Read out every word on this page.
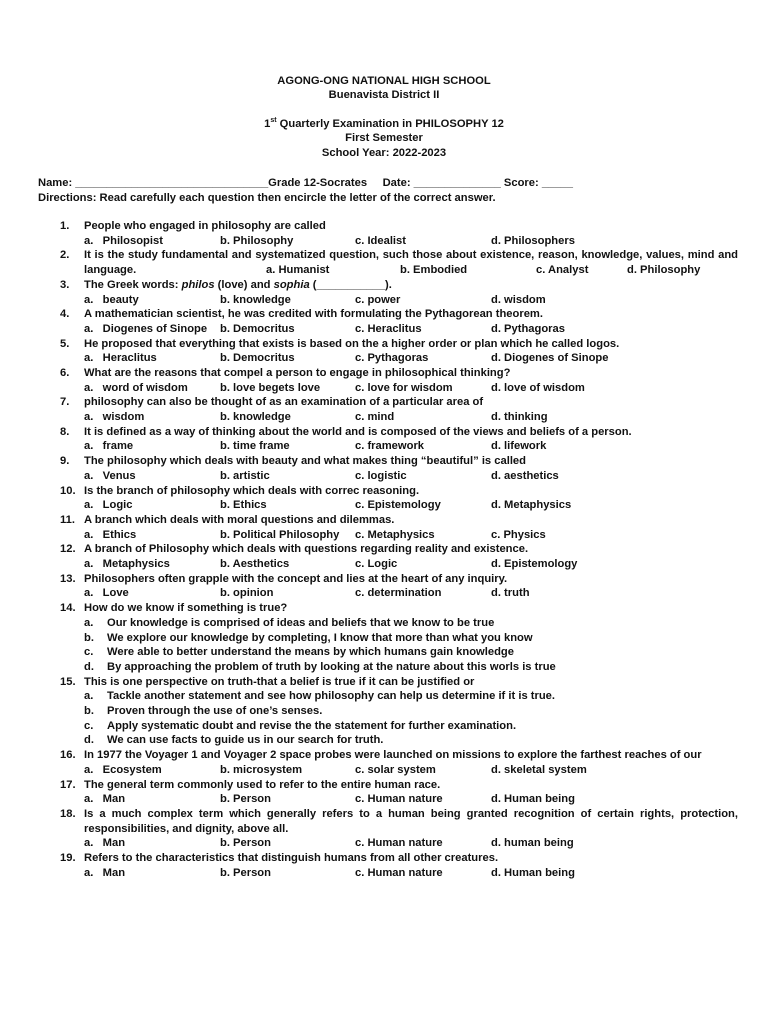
AGONG-ONG NATIONAL HIGH SCHOOL
Buenavista District II
1st Quarterly Examination in PHILOSOPHY 12
First Semester
School Year: 2022-2023
Name: _______________________________Grade 12-Socrates     Date: ______________ Score: _____
Directions: Read carefully each question then encircle the letter of the correct answer.
1.	People who engaged in philosophy are called
a.   Philosopist	b. Philosophy	c. Idealist	d. Philosophers
2.	It is the study fundamental and systematized question, such those about existence, reason, knowledge, values, mind and language.	a. Humanist	b. Embodied	c. Analyst	d. Philosophy
3.	The Greek words: philos (love) and sophia (___________).
a.   beauty	b. knowledge	c. power	d. wisdom
4.	A mathematician scientist, he was credited with formulating the Pythagorean theorem.
a.   Diogenes of Sinope b. Democritus	c. Heraclitus	d. Pythagoras
5.	He proposed that everything that exists is based on the a higher order or plan which he called logos.
a.   Heraclitus	b. Democritus	c. Pythagoras	d. Diogenes of Sinope
6.	What are the reasons that compel a person to engage in philosophical thinking?
a.   word of wisdom	b. love begets love	c. love for wisdom	d. love of wisdom
7.	philosophy can also be thought of as an examination of a particular area of
a.   wisdom	b. knowledge	c. mind	d. thinking
8.	It is defined as a way of thinking about the world and is composed of the views and beliefs of a person.
a.   frame	b. time frame	c. framework	d. lifework
9.	The philosophy which deals with beauty and what makes thing “beautiful” is called
a.   Venus	b. artistic	c. logistic	d. aesthetics
10. Is the branch of philosophy which deals with correc reasoning.
a.   Logic	b. Ethics	c. Epistemology	d. Metaphysics
11. A branch which deals with moral questions and dilemmas.
a.   Ethics	b. Political Philosophy c. Metaphysics	c. Physics
12. A branch of Philosophy which deals with questions regarding reality and existence.
a.   Metaphysics	b. Aesthetics	c. Logic	d. Epistemology
13. Philosophers often grapple with the concept and lies at the heart of any inquiry.
a.   Love	b. opinion	c. determination	d. truth
14. How do we know if something is true?
a. Our knowledge is comprised of ideas and beliefs that we know to be true
b. We explore our knowledge by completing, I know that more than what you know
c. Were able to better understand the means by which humans gain knowledge
d. By approaching the problem of truth by looking at the nature about this worls is true
15. This is one perspective on truth-that a belief is true if it can be justified or
a. Tackle another statement and see how philosophy can help us determine if it is true.
b. Proven through the use of one’s senses.
c. Apply systematic doubt and revise the the statement for further examination.
d. We can use facts to guide us in our search for truth.
16. In 1977 the Voyager 1 and Voyager 2 space probes were launched on missions to explore the farthest reaches of our
a.   Ecosystem	b. microsystem	c. solar system	d. skeletal system
17. The general term commonly used to refer to the entire human race.
a.   Man	b. Person	c. Human nature	d. Human being
18. Is a much complex term which generally refers to a human being granted recognition of certain rights, protection, responsibilities, and dignity, above all.
a.   Man	b. Person	c. Human nature	d. human being
19. Refers to the characteristics that distinguish humans from all other creatures.
a.   Man	b. Person	c. Human nature	d. Human being
